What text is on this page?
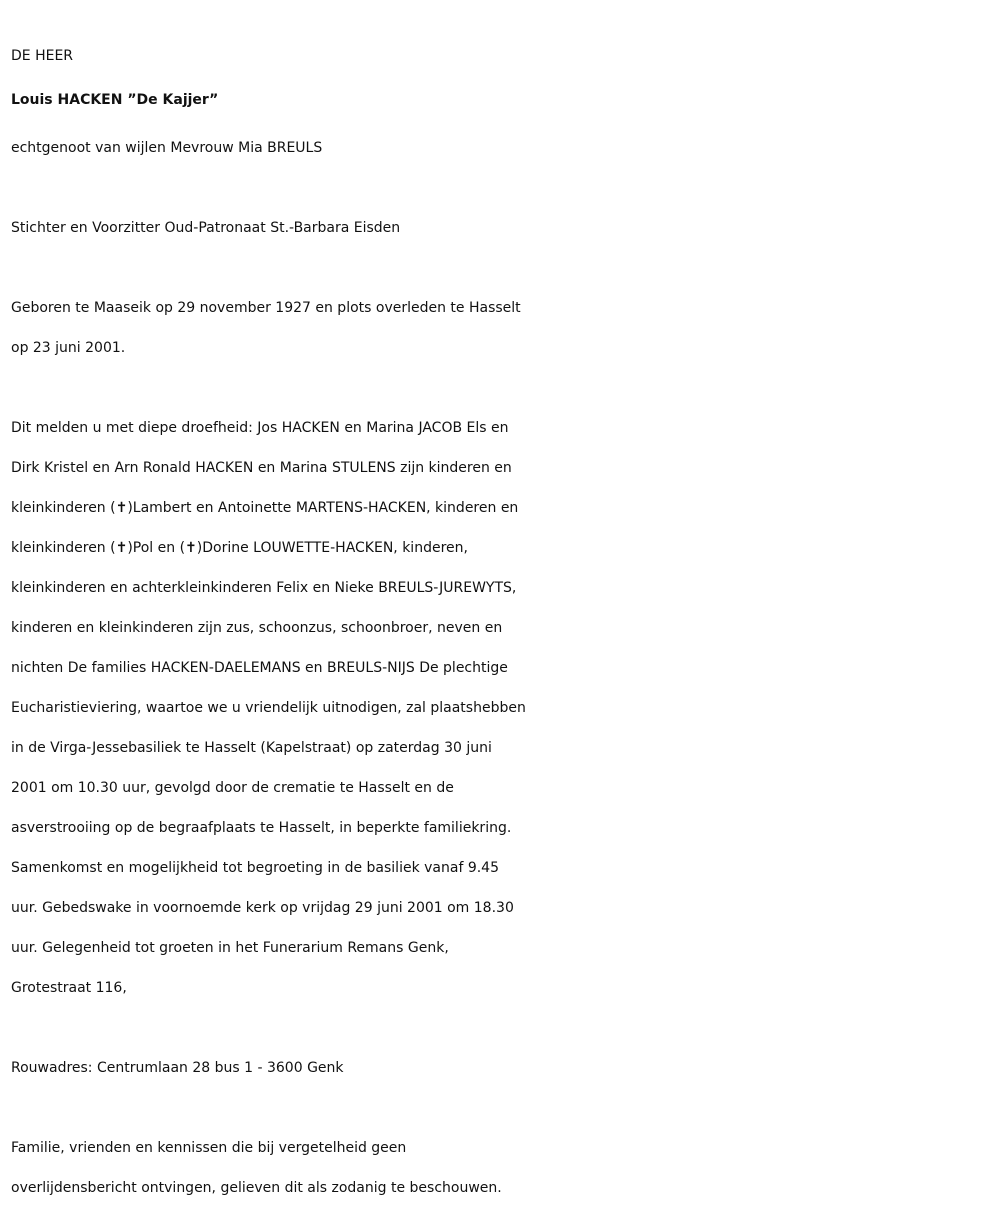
DE HEER
Louis HACKEN ”De Kajjer”
echtgenoot van wijlen Mevrouw Mia BREULS
Stichter en Voorzitter Oud-Patronaat St.-Barbara Eisden
Geboren te Maaseik op 29 november 1927 en plots overleden te Hasselt
op 23 juni 2001.
Dit melden u met diepe droefheid: Jos HACKEN en Marina JACOB Els en
Dirk Kristel en Arn Ronald HACKEN en Marina STULENS zijn kinderen en
kleinkinderen (✝)Lambert en Antoinette MARTENS-HACKEN, kinderen en
kleinkinderen (✝)Pol en (✝)Dorine LOUWETTE-HACKEN, kinderen,
kleinkinderen en achterkleinkinderen Felix en Nieke BREULS-JUREWYTS,
kinderen en kleinkinderen zijn zus, schoonzus, schoonbroer, neven en
nichten De families HACKEN-DAELEMANS en BREULS-NIJS De plechtige
Eucharistieviering, waartoe we u vriendelijk uitnodigen, zal plaatshebben
in de Virga-Jessebasiliek te Hasselt (Kapelstraat) op zaterdag 30 juni
2001 om 10.30 uur, gevolgd door de crematie te Hasselt en de
asverstrooiing op de begraafplaats te Hasselt, in beperkte familiekring.
Samenkomst en mogelijkheid tot begroeting in de basiliek vanaf 9.45
uur. Gebedswake in voornoemde kerk op vrijdag 29 juni 2001 om 18.30
uur. Gelegenheid tot groeten in het Funerarium Remans Genk,
Grotestraat 116,
Rouwadres: Centrumlaan 28 bus 1 - 3600 Genk
Familie, vrienden en kennissen die bij vergetelheid geen
overlijdensbericht ontvingen, gelieven dit als zodanig te beschouwen.
